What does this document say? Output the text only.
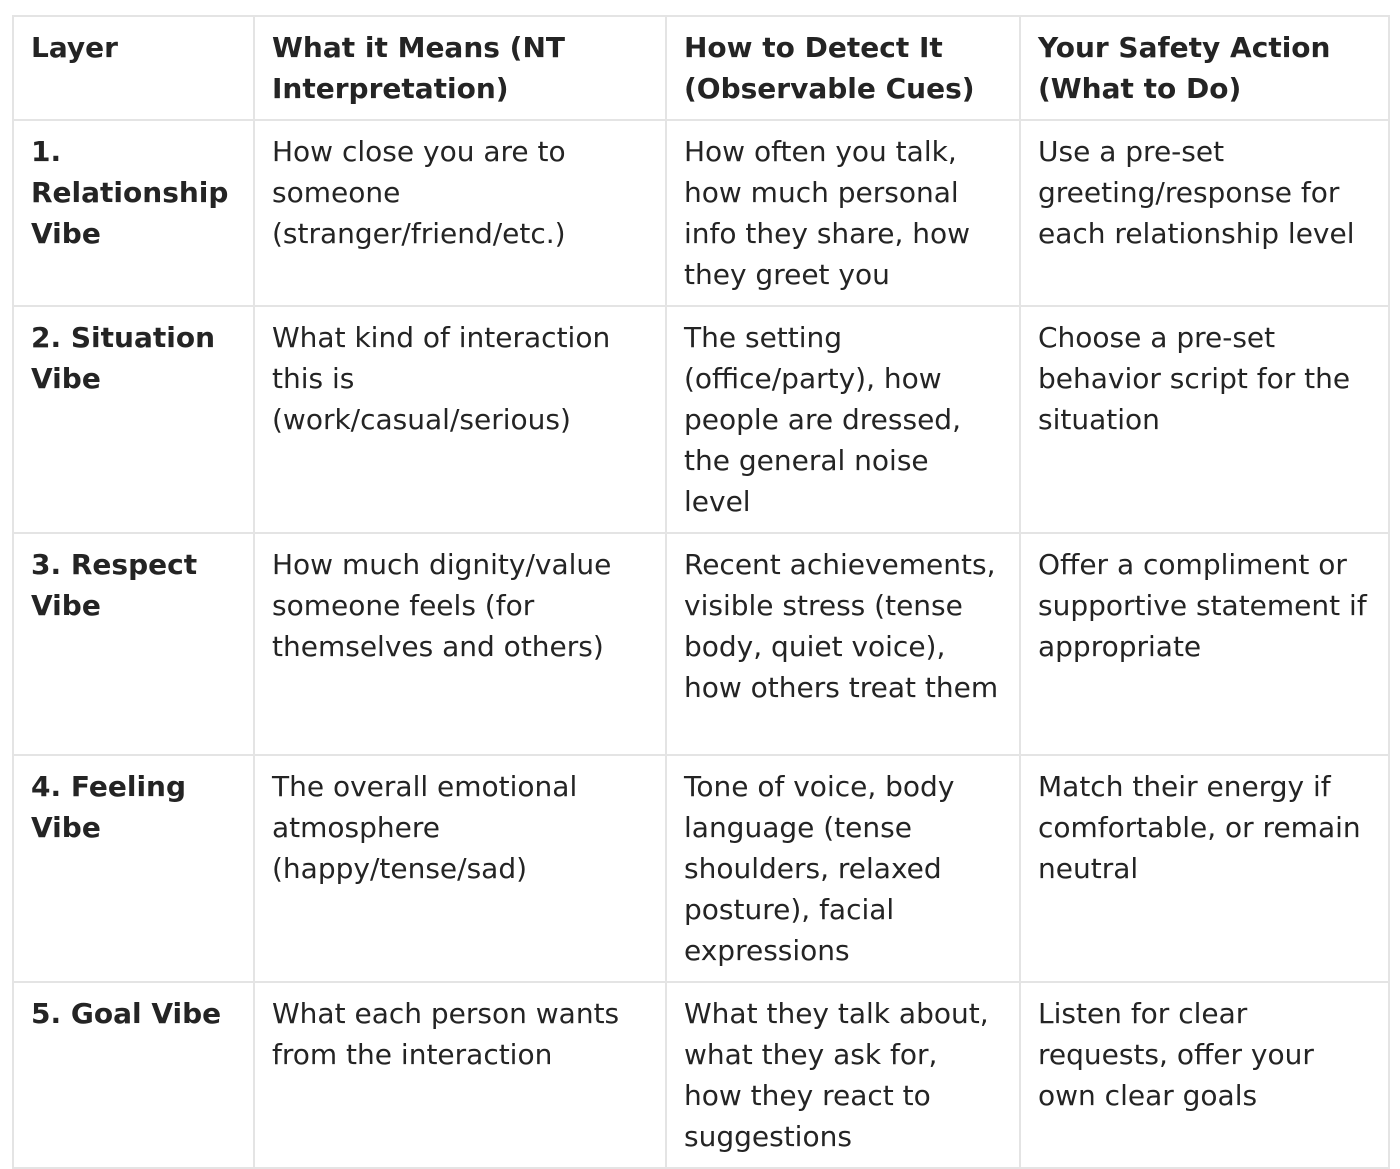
Layer	What it Means (NT Interpretation)	How to Detect It (Observable Cues)	Your Safety Action (What to Do)
1. Relationship Vibe	How close you are to someone (stranger/friend/etc.)	How often you talk, how much personal info they share, how they greet you	Use a pre-set greeting/response for each relationship level
2. Situation Vibe	What kind of interaction this is (work/casual/serious)	The setting (office/party), how people are dressed, the general noise level	Choose a pre-set behavior script for the situation
3. Respect Vibe	How much dignity/value someone feels (for themselves and others)	Recent achievements, visible stress (tense body, quiet voice), how others treat them	Offer a compliment or supportive statement if appropriate
4. Feeling Vibe	The overall emotional atmosphere (happy/tense/sad)	Tone of voice, body language (tense shoulders, relaxed posture), facial expressions	Match their energy if comfortable, or remain neutral
5. Goal Vibe	What each person wants from the interaction	What they talk about, what they ask for, how they react to suggestions	Listen for clear requests, offer your own clear goals
